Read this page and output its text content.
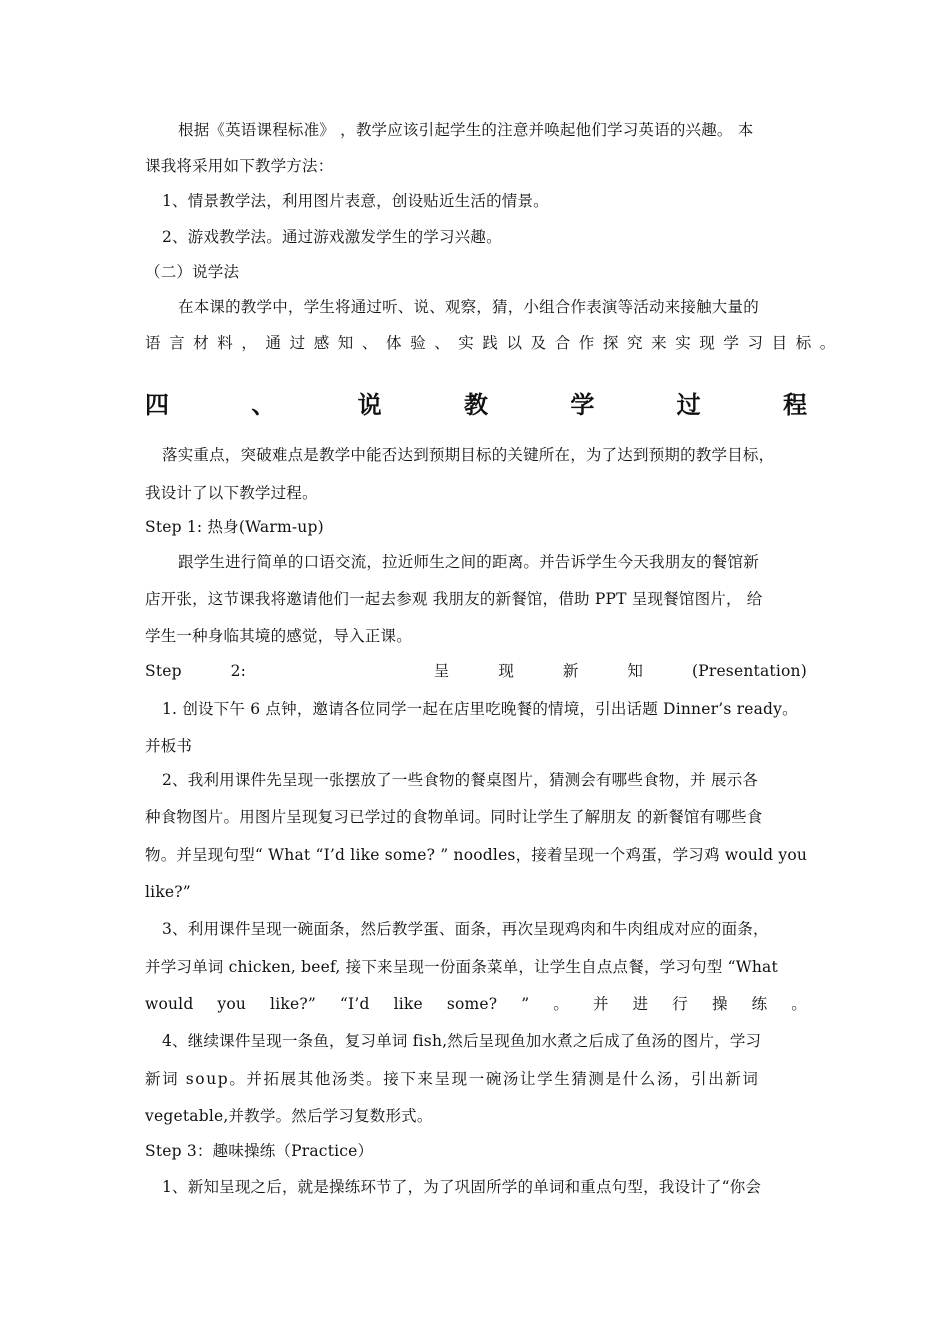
根据《英语课程标准》 ，教学应该引起学生的注意并唤起他们学习英语的兴趣。 本
课我将采用如下教学方法：
1、情景教学法，利用图片表意，创设贴近生活的情景。
2、游戏教学法。通过游戏激发学生的学习兴趣。
（二）说学法
在本课的教学中，学生将通过听、说、观察，猜，小组合作表演等活动来接触大量的
语言材料，通过感知、体验、实践以及合作探究来实现学习目标。
四	、	说	教	学	过	程
落实重点，突破难点是教学中能否达到预期目标的关键所在，为了达到预期的教学目标，
我设计了以下教学过程。
Step 1: 热身(Warm-up)
跟学生进行简单的口语交流，拉近师生之间的距离。并告诉学生今天我朋友的餐馆新
店开张，这节课我将邀请他们一起去参观 我朋友的新餐馆，借助 PPT 呈现餐馆图片， 给
学生一种身临其境的感觉，导入正课。
Step	2:	呈	现	新	知	(Presentation)
1. 创设下午 6 点钟，邀请各位同学一起在店里吃晚餐的情境，引出话题 Dinner’s ready。
并板书
2、我利用课件先呈现一张摆放了一些食物的餐桌图片，猜测会有哪些食物，并 展示各
种食物图片。用图片呈现复习已学过的食物单词。同时让学生了解朋友 的新餐馆有哪些食
物。并呈现句型“ What “I’d like some? ” noodles，接着呈现一个鸡蛋，学习鸡 would you
like?”
3、利用课件呈现一碗面条，然后教学蛋、面条，再次呈现鸡肉和牛肉组成对应的面条，
并学习单词 chicken, beef, 接下来呈现一份面条菜单，让学生自点点餐，学习句型 “What
would you like?” “I’d like some? ” 。 并 进 行 操 练 。
4、继续课件呈现一条鱼，复习单词 fish,然后呈现鱼加水煮之后成了鱼汤的图片，学习
新词 soup。并拓展其他汤类。接下来呈现一碗汤让学生猜测是什么汤，引出新词
vegetable,并教学。然后学习复数形式。
Step 3：趣味操练（Practice）
1、新知呈现之后，就是操练环节了，为了巩固所学的单词和重点句型，我设计了“你会
